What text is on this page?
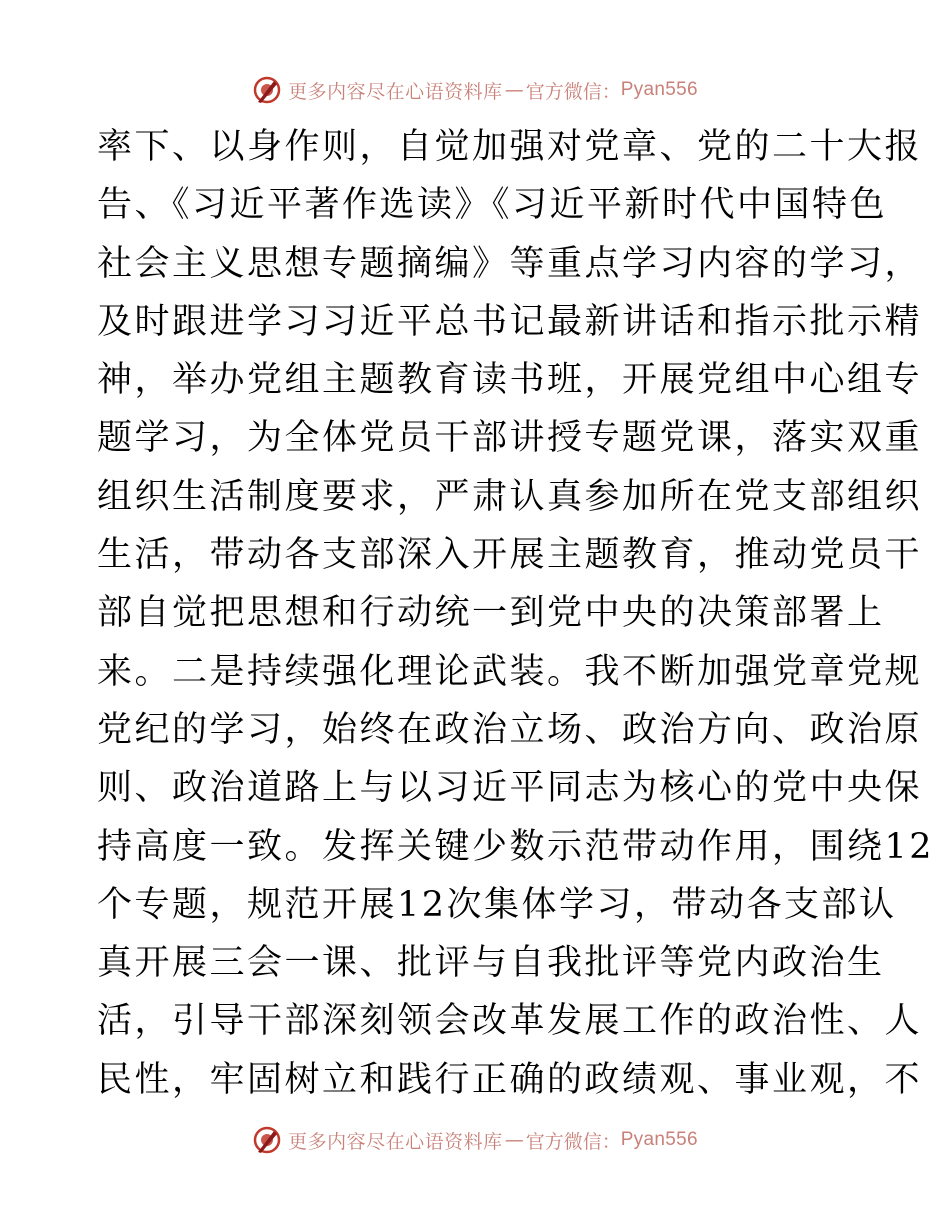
更多内容尽在心语资料库 — 官方微信： Pyan556
率下、以身作则，自觉加强对党章、党的二十大报
告、《习近平著作选读》《习近平新时代中国特色
社会主义思想专题摘编》等重点学习内容的学习，
及时跟进学习习近平总书记最新讲话和指示批示精
神，举办党组主题教育读书班，开展党组中心组专
题学习，为全体党员干部讲授专题党课，落实双重
组织生活制度要求，严肃认真参加所在党支部组织
生活，带动各支部深入开展主题教育，推动党员干
部自觉把思想和行动统一到党中央的决策部署上
来。二是持续强化理论武装。我不断加强党章党规
党纪的学习，始终在政治立场、政治方向、政治原
则、政治道路上与以习近平同志为核心的党中央保
持高度一致。发挥关键少数示范带动作用，围绕12
个专题，规范开展12次集体学习，带动各支部认
真开展三会一课、批评与自我批评等党内政治生
活，引导干部深刻领会改革发展工作的政治性、人
民性，牢固树立和践行正确的政绩观、事业观，不
更多内容尽在心语资料库 — 官方微信： Pyan556
